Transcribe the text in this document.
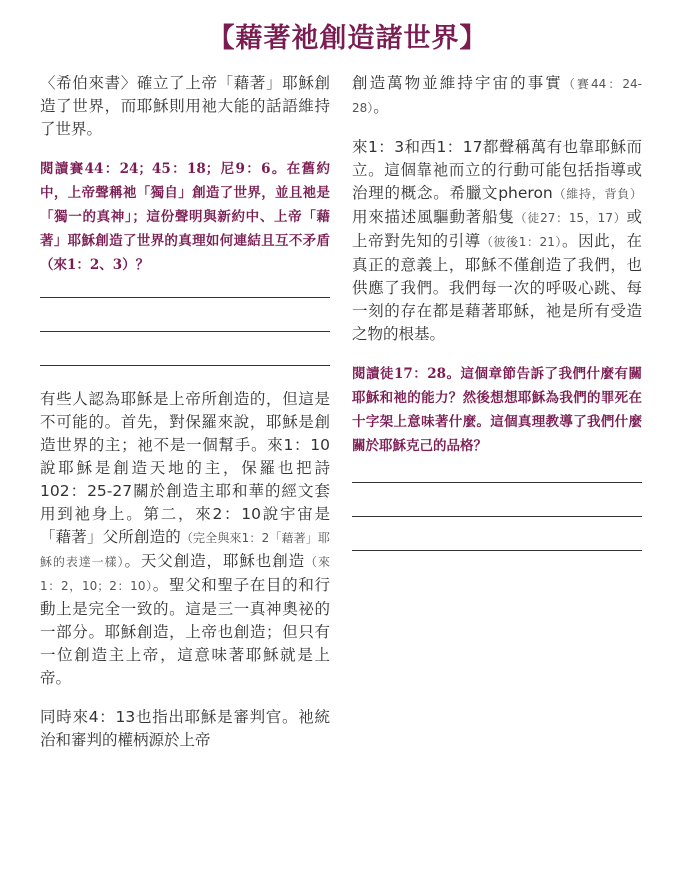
【藉著祂創造諸世界】

〈希伯來書〉確立了上帝「藉著」耶穌創造了世界，而耶穌則用祂大能的話語維持了世界。

閱讀賽44：24；45：18；尼9：6。在舊約中，上帝聲稱祂「獨自」創造了世界，並且祂是「獨一的真神」；這份聲明與新約中、上帝「藉著」耶穌創造了世界的真理如何連結且互不矛盾（來1：2、3）？

有些人認為耶穌是上帝所創造的，但這是不可能的。首先，對保羅來說，耶穌是創造世界的主；祂不是一個幫手。來1：10說耶穌是創造天地的主，保羅也把詩102：25-27關於創造主耶和華的經文套用到祂身上。第二，來2：10說宇宙是「藉著」父所創造的（完全與來1：2「藉著」耶穌的表達一樣）。天父創造，耶穌也創造（來1：2，10；2：10）。聖父和聖子在目的和行動上是完全一致的。這是三一真神奧祕的一部分。耶穌創造，上帝也創造；但只有一位創造主上帝，這意味著耶穌就是上帝。

同時來4：13也指出耶穌是審判官。祂統治和審判的權柄源於上帝

創造萬物並維持宇宙的事實（賽44：24-28）。

來1：3和西1：17都聲稱萬有也靠耶穌而立。這個靠祂而立的行動可能包括指導或治理的概念。希臘文pheron（維持，背負）用來描述風驅動著船隻（徒27：15，17）或上帝對先知的引導（彼後1：21）。因此，在真正的意義上，耶穌不僅創造了我們，也供應了我們。我們每一次的呼吸心跳、每一刻的存在都是藉著耶穌，祂是所有受造之物的根基。

閱讀徒17：28。這個章節告訴了我們什麼有關耶穌和祂的能力？然後想想耶穌為我們的罪死在十字架上意味著什麼。這個真理教導了我們什麼關於耶穌克己的品格？
